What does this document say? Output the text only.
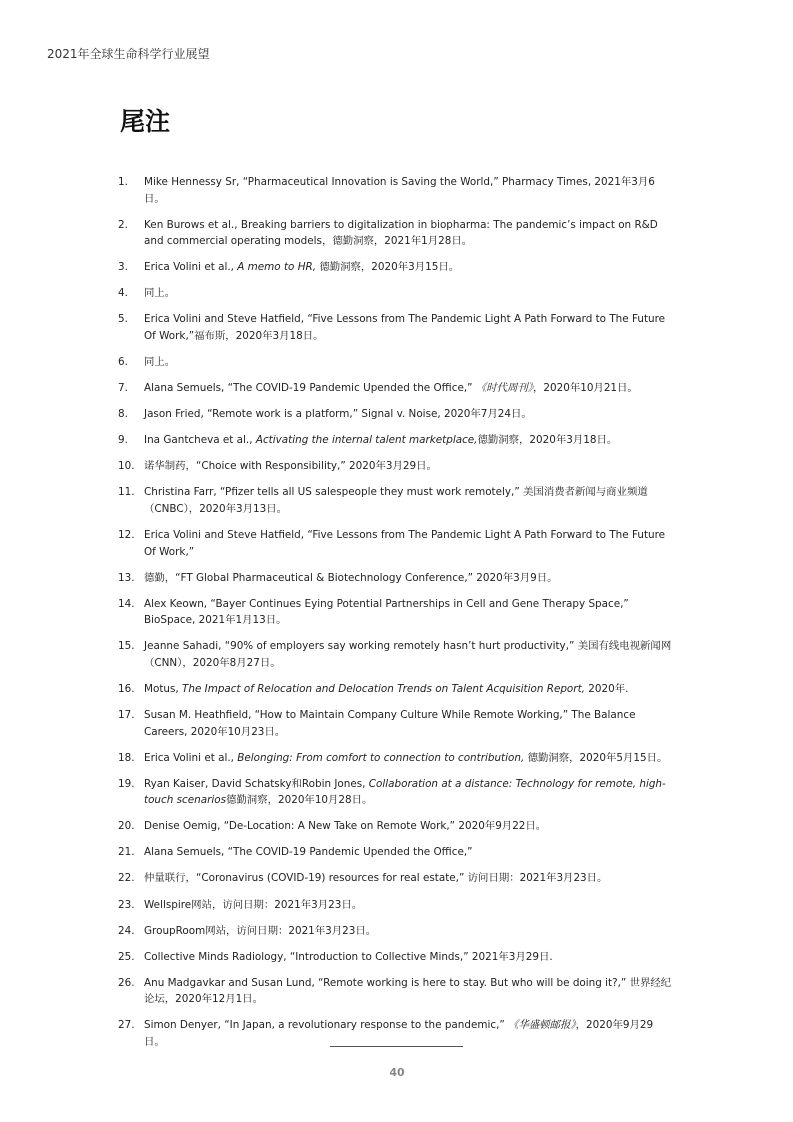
2021年全球生命科学行业展望
尾注
1.	Mike Hennessy Sr, “Pharmaceutical Innovation is Saving the World,” Pharmacy Times, 2021年3月6日。
2.	Ken Burows et al., Breaking barriers to digitalization in biopharma: The pandemic’s impact on R&D and commercial operating models，德勤洞察，2021年1月28日。
3.	Erica Volini et al., A memo to HR, 德勤洞察，2020年3月15日。
4.	同上。
5.	Erica Volini and Steve Hatfield, “Five Lessons from The Pandemic Light A Path Forward to The Future Of Work,”福布斯，2020年3月18日。
6.	同上。
7.	Alana Semuels, “The COVID-19 Pandemic Upended the Office,” 《时代周刊》，2020年10月21日。
8.	Jason Fried, “Remote work is a platform,” Signal v. Noise, 2020年7月24日。
9.	Ina Gantcheva et al., Activating the internal talent marketplace,德勤洞察，2020年3月18日。
10. 诺华制药，“Choice with Responsibility,” 2020年3月29日。
11. Christina Farr, “Pfizer tells all US salespeople they must work remotely,” 美国消费者新闻与商业频道（CNBC），2020年3月13日。
12. Erica Volini and Steve Hatfield, “Five Lessons from The Pandemic Light A Path Forward to The Future Of Work,”
13. 德勤，“FT Global Pharmaceutical & Biotechnology Conference,” 2020年3月9日。
14. Alex Keown, “Bayer Continues Eying Potential Partnerships in Cell and Gene Therapy Space,” BioSpace, 2021年1月13日。
15. Jeanne Sahadi, “90% of employers say working remotely hasn’t hurt productivity,” 美国有线电视新闻网（CNN），2020年8月27日。
16. Motus, The Impact of Relocation and Delocation Trends on Talent Acquisition Report, 2020年.
17. Susan M. Heathfield, “How to Maintain Company Culture While Remote Working,” The Balance Careers, 2020年10月23日。
18. Erica Volini et al., Belonging: From comfort to connection to contribution, 德勤洞察，2020年5月15日。
19. Ryan Kaiser, David Schatsky和Robin Jones, Collaboration at a distance: Technology for remote, high-touch scenarios德勤洞察，2020年10月28日。
20. Denise Oemig, “De-Location: A New Take on Remote Work,” 2020年9月22日。
21. Alana Semuels, “The COVID-19 Pandemic Upended the Office,”
22. 仲量联行，“Coronavirus (COVID-19) resources for real estate,” 访问日期：2021年3月23日。
23. Wellspire网站，访问日期：2021年3月23日。
24. GroupRoom网站，访问日期：2021年3月23日。
25. Collective Minds Radiology, “Introduction to Collective Minds,” 2021年3月29日.
26. Anu Madgavkar and Susan Lund, “Remote working is here to stay. But who will be doing it?,” 世界经纪论坛，2020年12月1日。
27. Simon Denyer, “In Japan, a revolutionary response to the pandemic,” 《华盛顿邮报》，2020年9月29日。
40
